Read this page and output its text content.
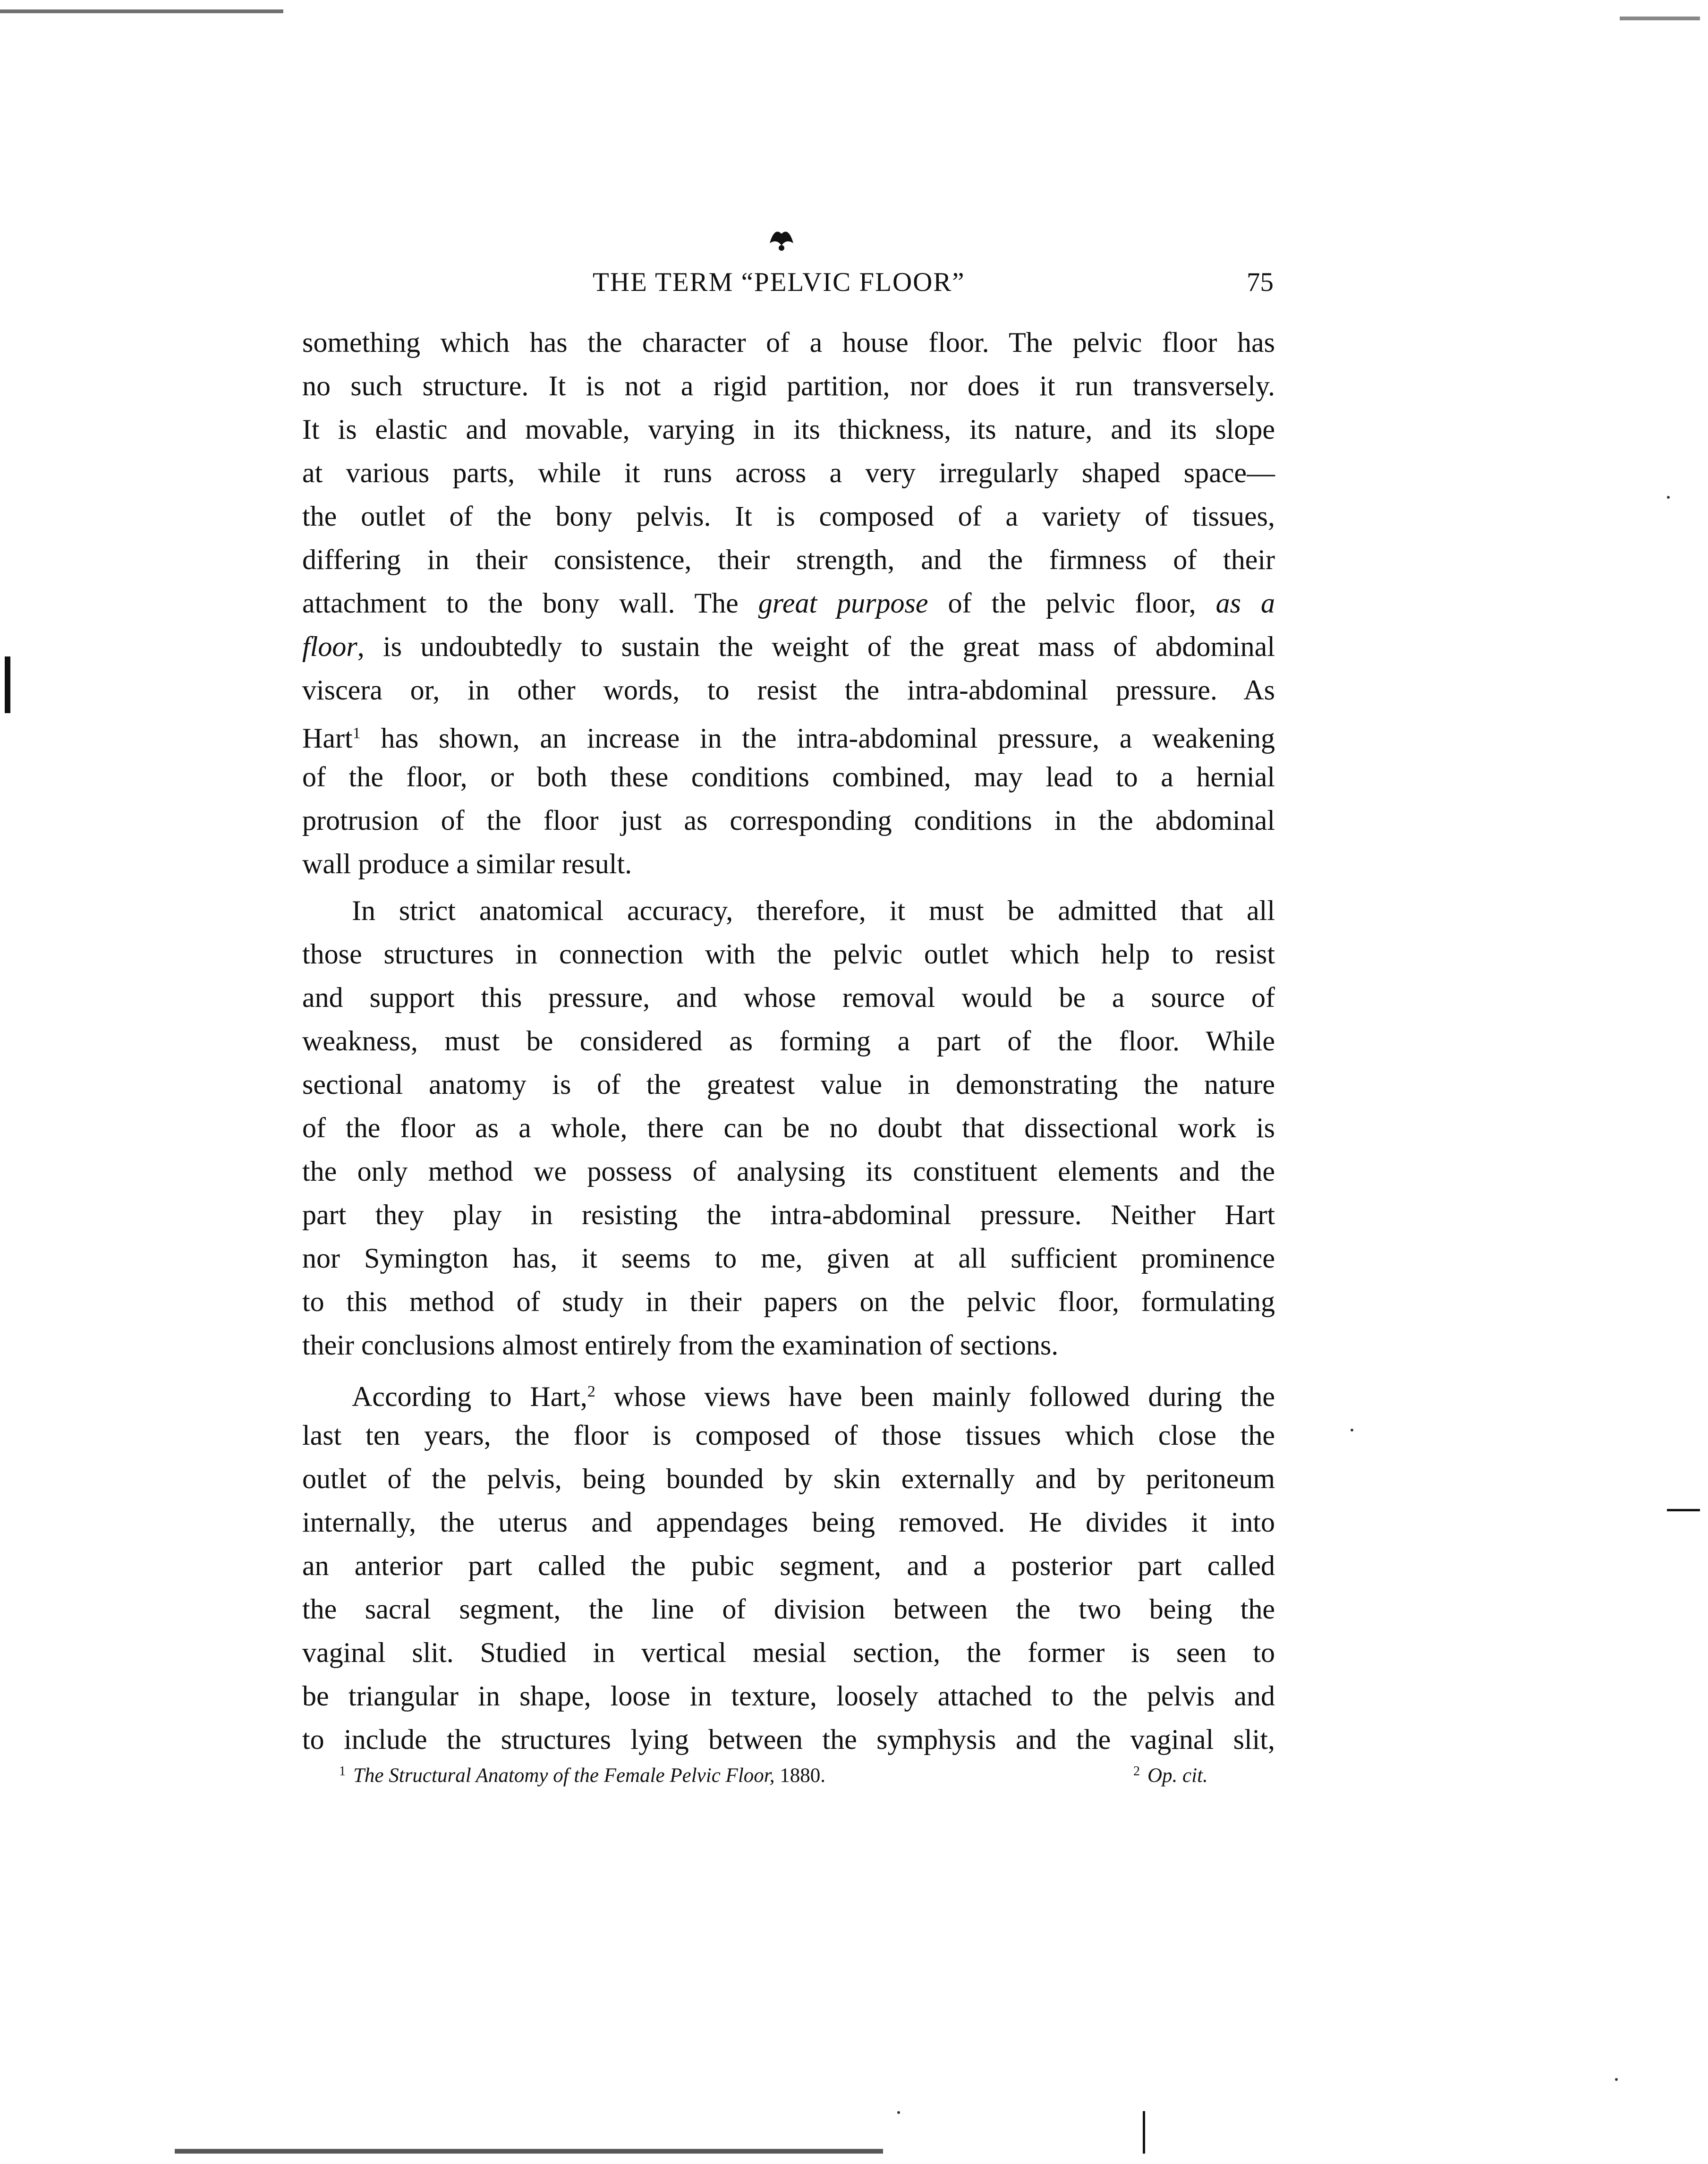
THE TERM “PELVIC FLOOR”	75
something which has the character of a house floor. The pelvic floor has
no such structure. It is not a rigid partition, nor does it run transversely.
It is elastic and movable, varying in its thickness, its nature, and its slope
at various parts, while it runs across a very irregularly shaped space—
the outlet of the bony pelvis. It is composed of a variety of tissues,
differing in their consistence, their strength, and the firmness of their
attachment to the bony wall. The great purpose of the pelvic floor, as a
floor, is undoubtedly to sustain the weight of the great mass of abdominal
viscera or, in other words, to resist the intra-abdominal pressure. As
Hart$^1$ has shown, an increase in the intra-abdominal pressure, a weakening
of the floor, or both these conditions combined, may lead to a hernial
protrusion of the floor just as corresponding conditions in the abdominal
wall produce a similar result.
In strict anatomical accuracy, therefore, it must be admitted that all
those structures in connection with the pelvic outlet which help to resist
and support this pressure, and whose removal would be a source of
weakness, must be considered as forming a part of the floor. While
sectional anatomy is of the greatest value in demonstrating the nature
of the floor as a whole, there can be no doubt that dissectional work is
the only method we possess of analysing its constituent elements and the
part they play in resisting the intra-abdominal pressure. Neither Hart
nor Symington has, it seems to me, given at all sufficient prominence
to this method of study in their papers on the pelvic floor, formulating
their conclusions almost entirely from the examination of sections.
According to Hart,$^2$ whose views have been mainly followed during the
last ten years, the floor is composed of those tissues which close the
outlet of the pelvis, being bounded by skin externally and by peritoneum
internally, the uterus and appendages being removed. He divides it into
an anterior part called the pubic segment, and a posterior part called
the sacral segment, the line of division between the two being the
vaginal slit. Studied in vertical mesial section, the former is seen to
be triangular in shape, loose in texture, loosely attached to the pelvis and
to include the structures lying between the symphysis and the vaginal slit,
$^1$ The Structural Anatomy of the Female Pelvic Floor, 1880.	$^2$ Op. cit.
